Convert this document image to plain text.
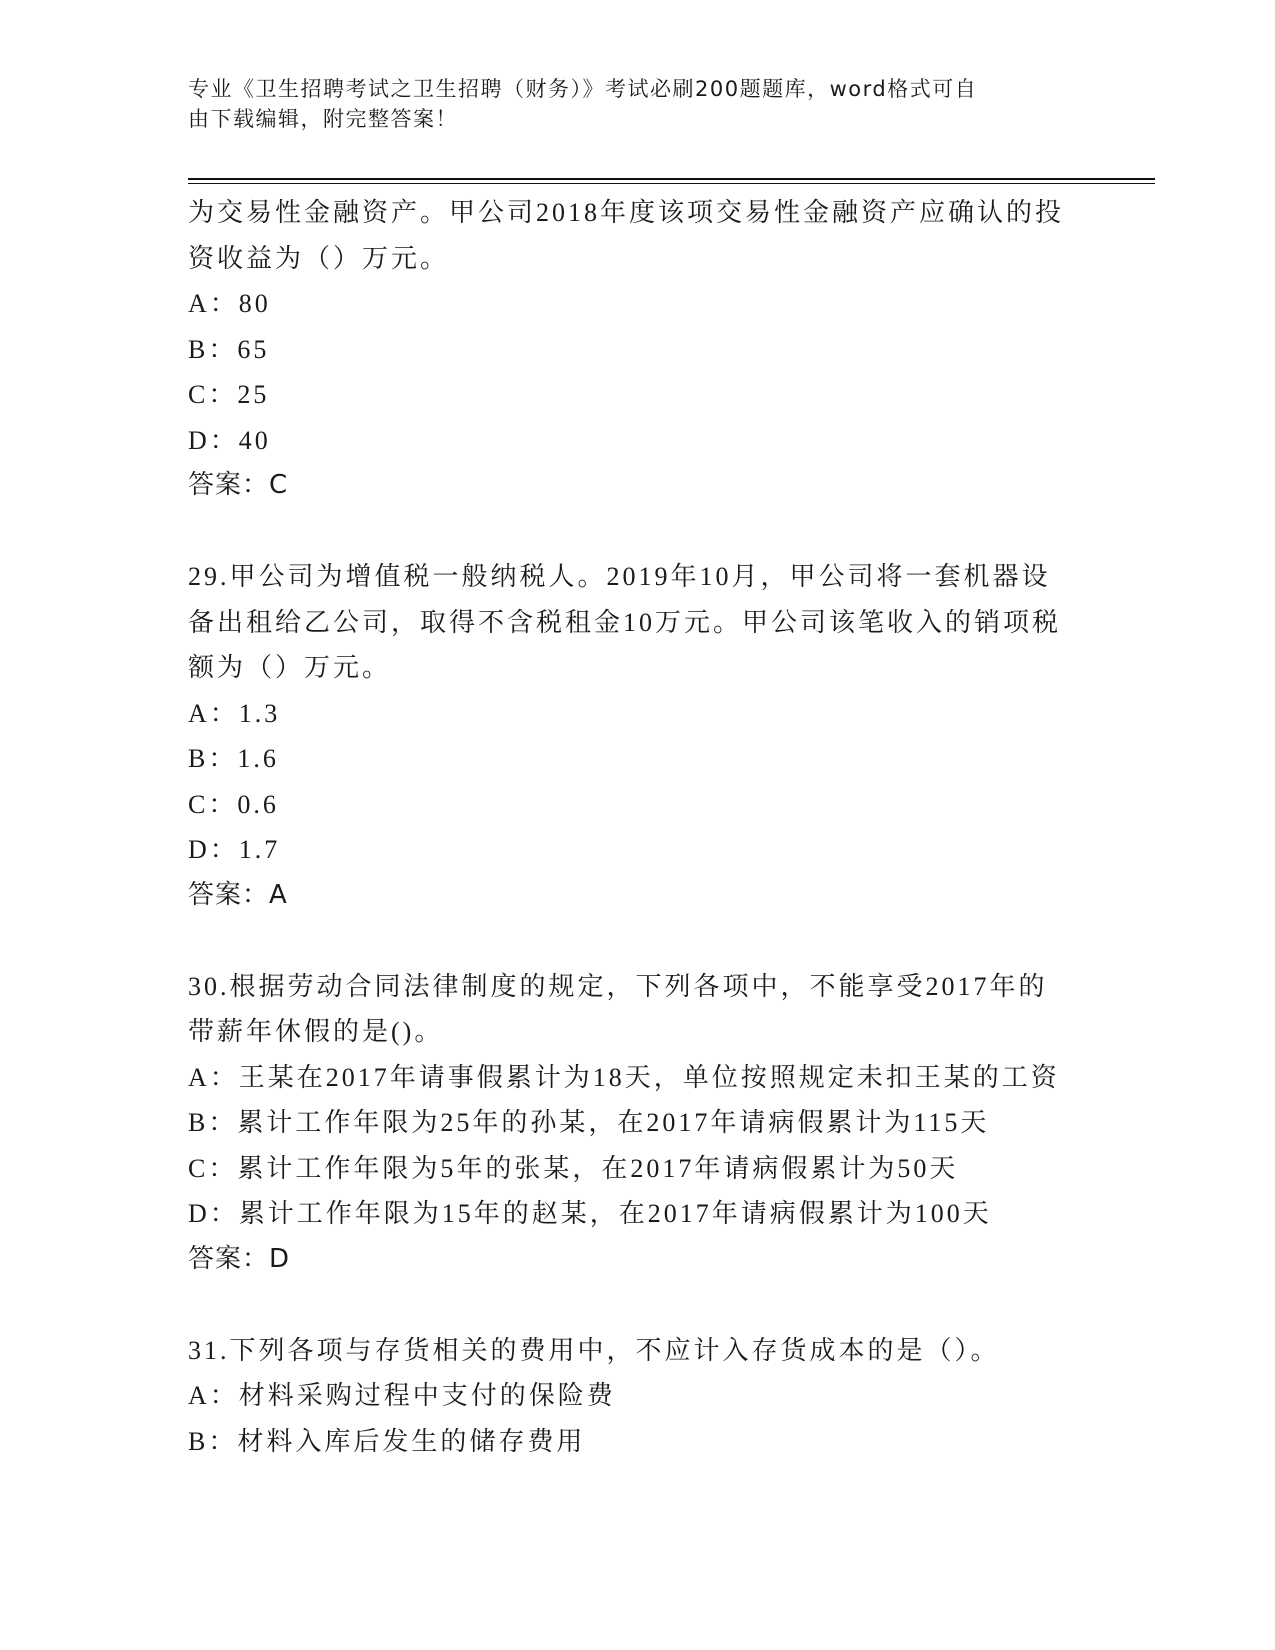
专业《卫生招聘考试之卫生招聘（财务）》考试必刷200题题库，word格式可自
由下载编辑，附完整答案！
为交易性金融资产。甲公司2018年度该项交易性金融资产应确认的投
资收益为（）万元。
A：80
B：65
C：25
D：40
答案：C
29.甲公司为增值税一般纳税人。2019年10月，甲公司将一套机器设
备出租给乙公司，取得不含税租金10万元。甲公司该笔收入的销项税
额为（）万元。
A：1.3
B：1.6
C：0.6
D：1.7
答案：A
30.根据劳动合同法律制度的规定，下列各项中，不能享受2017年的
带薪年休假的是()。
A：王某在2017年请事假累计为18天，单位按照规定未扣王某的工资
B：累计工作年限为25年的孙某，在2017年请病假累计为115天
C：累计工作年限为5年的张某，在2017年请病假累计为50天
D：累计工作年限为15年的赵某，在2017年请病假累计为100天
答案：D
31.下列各项与存货相关的费用中，不应计入存货成本的是（）。
A：材料采购过程中支付的保险费
B：材料入库后发生的储存费用
